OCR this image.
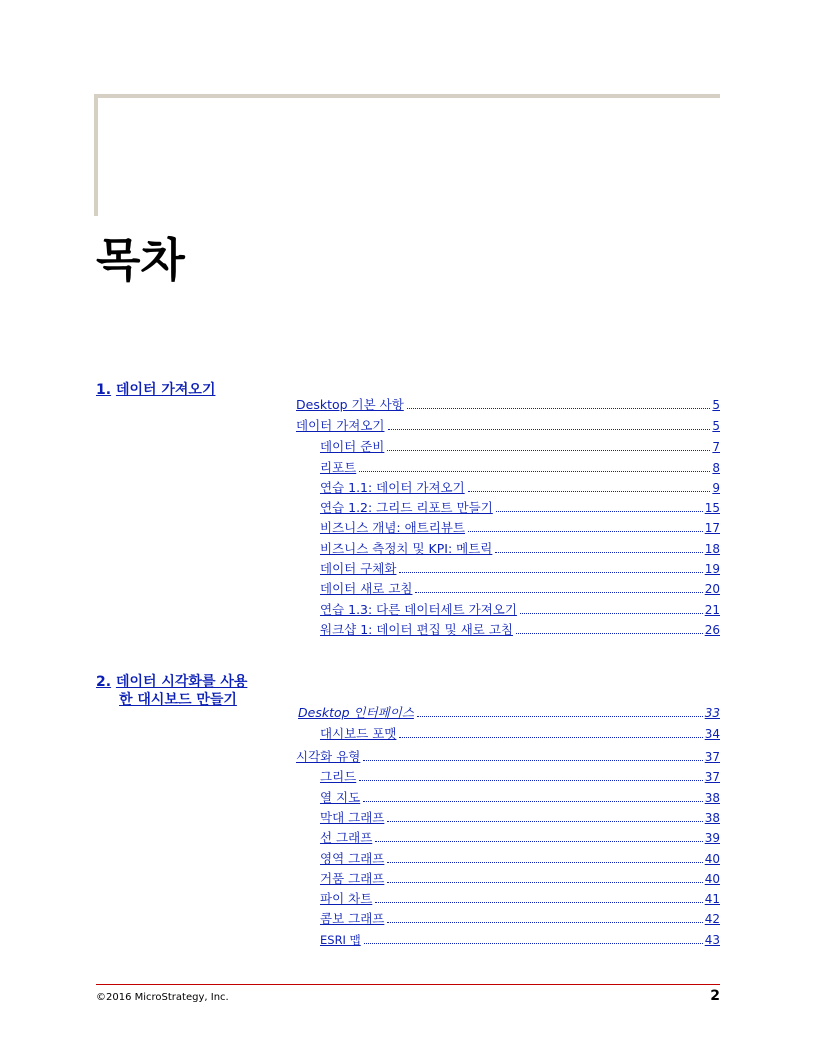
목차
1. 데이터 가져오기
Desktop 기본 사항	5
데이터 가져오기	5
데이터 준비	7
리포트	8
연습 1.1: 데이터 가져오기	9
연습 1.2: 그리드 리포트 만들기	15
비즈니스 개념: 애트리뷰트	17
비즈니스 측정치 및 KPI: 메트릭	18
데이터 구체화	19
데이터 새로 고침	20
연습 1.3: 다른 데이터세트 가져오기	21
워크샵 1: 데이터 편집 및 새로 고침	26
2. 데이터 시각화를 사용
한 대시보드 만들기
Desktop 인터페이스	33
대시보드 포맷	34
시각화 유형	37
그리드	37
열 지도	38
막대 그래프	38
선 그래프	39
영역 그래프	40
거품 그래프	40
파이 차트	41
콤보 그래프	42
ESRI 맵	43
©2016 MicroStrategy, Inc.	2
